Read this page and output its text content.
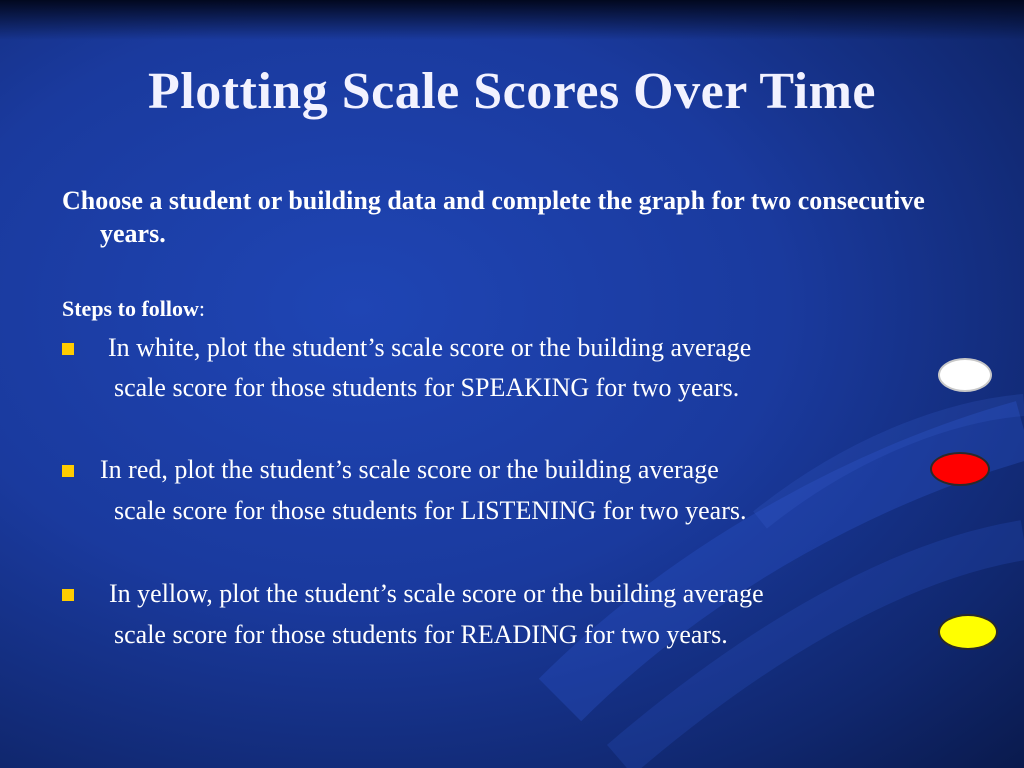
Plotting Scale Scores Over Time
Choose a student or building data and complete the graph for two consecutive years.
Steps to follow:
In white, plot the student’s scale score or the building average
scale score for those students for SPEAKING for two years.
In red, plot the student’s scale score or the building average
scale score for those students for LISTENING for two years.
In yellow, plot the student’s scale score or the building average
scale score for those students for READING for two years.
